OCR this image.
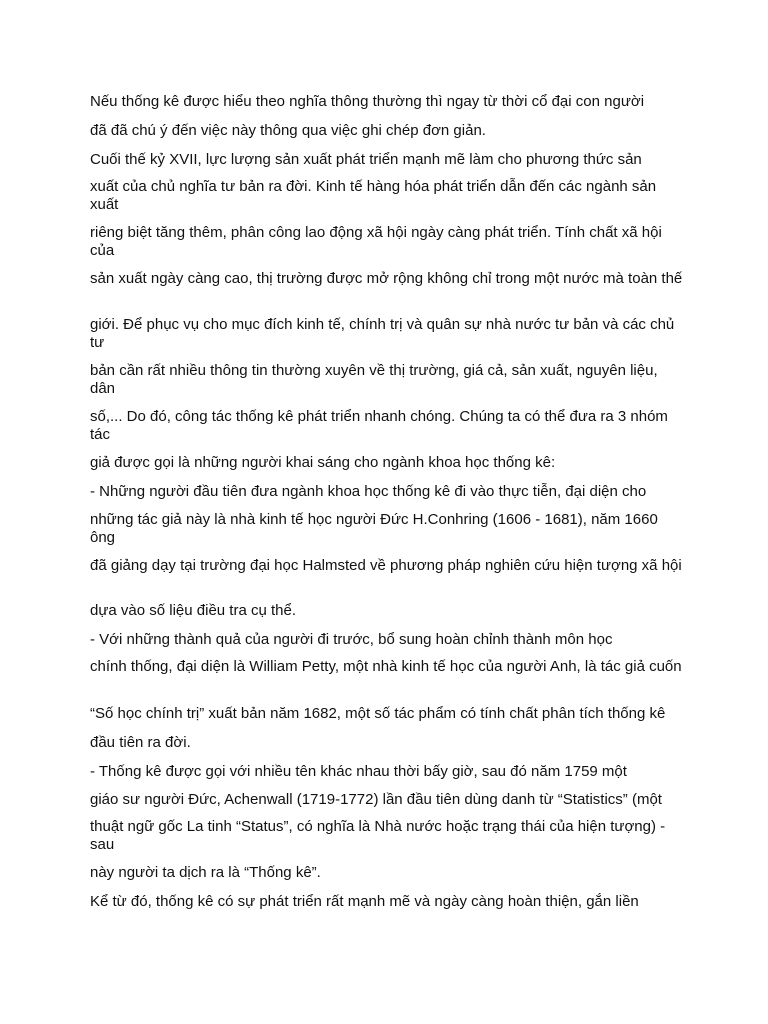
Nếu thống kê được hiểu theo nghĩa thông thường thì ngay từ thời cổ đại con người

đã đã chú ý đến việc này thông qua việc ghi chép đơn giản.

Cuối thế kỷ XVII, lực lượng sản xuất phát triển mạnh mẽ làm cho phương thức sản

xuất của chủ nghĩa tư bản ra đời. Kinh tế hàng hóa phát triển dẫn đến các ngành sản xuất

riêng biệt tăng thêm, phân công lao động xã hội ngày càng phát triển. Tính chất xã hội của

sản xuất ngày càng cao, thị trường được mở rộng không chỉ trong một nước mà toàn thế

giới. Để phục vụ cho mục đích kinh tế, chính trị và quân sự nhà nước tư bản và các chủ tư

bản cần rất nhiều thông tin thường xuyên về thị trường, giá cả, sản xuất, nguyên liệu, dân

số,... Do đó, công tác thống kê phát triển nhanh chóng. Chúng ta có thể đưa ra 3 nhóm tác

giả được gọi là những người khai sáng cho ngành khoa học thống kê:

- Những người đầu tiên đưa ngành khoa học thống kê đi vào thực tiễn, đại diện cho

những tác giả này là nhà kinh tế học người Đức H.Conhring (1606 - 1681), năm 1660 ông

đã giảng dạy tại trường đại học Halmsted về phương pháp nghiên cứu hiện tượng xã hội

dựa vào số liệu điều tra cụ thể.

- Với những thành quả của người đi trước, bổ sung hoàn chỉnh thành môn học

chính thống, đại diện là William Petty, một nhà kinh tế học của người Anh, là tác giả cuốn

“Số học chính trị” xuất bản năm 1682, một số tác phẩm có tính chất phân tích thống kê

đầu tiên ra đời.

- Thống kê được gọi với nhiều tên khác nhau thời bấy giờ, sau đó năm 1759 một

giáo sư người Đức, Achenwall (1719-1772) lần đầu tiên dùng danh từ “Statistics” (một

thuật ngữ gốc La tinh “Status”, có nghĩa là Nhà nước hoặc trạng thái của hiện tượng) - sau

này người ta dịch ra là “Thống kê”.

Kể từ đó, thống kê có sự phát triển rất mạnh mẽ và ngày càng hoàn thiện, gắn liền
